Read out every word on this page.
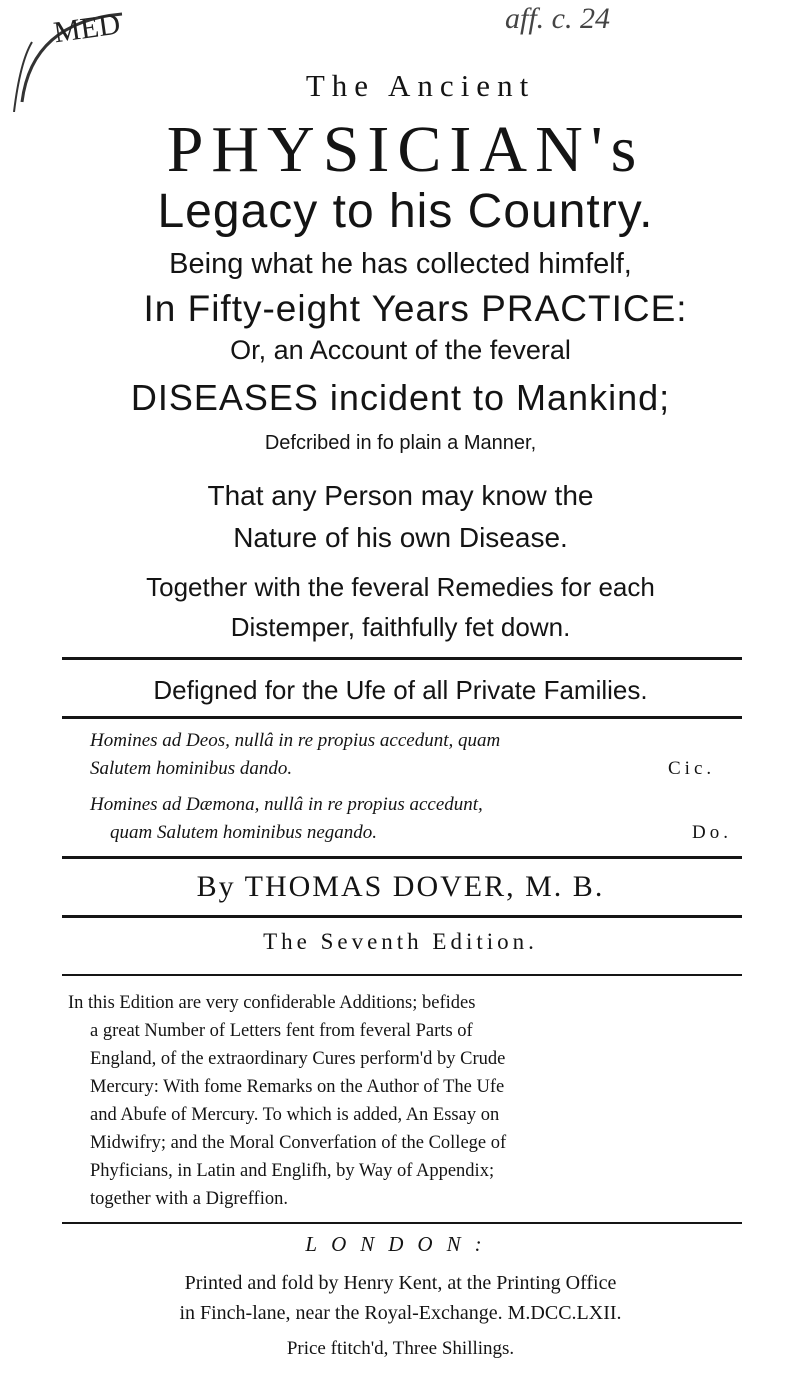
MED	aff. c. 24
The Ancient
PHYSICIAN's
Legacy to his Country.
Being what he has collected himfelf,
In Fifty-eight Years PRACTICE:
Or, an Account of the feveral
DISEASES incident to Mankind;
Defcribed in fo plain a Manner,
That any Person may know the
Nature of his own Disease.
Together with the feveral Remedies for each
Distemper, faithfully fet down.
Defigned for the Ufe of all Private Families.
Homines ad Deos, nullâ in re propius accedunt, quam
Salutem hominibus dando.	Cic.
Homines ad Dæmona, nullâ in re propius accedunt,
quam Salutem hominibus negando.	Do.
By THOMAS DOVER, M. B.
The Seventh Edition.
In this Edition are very confiderable Additions; befides
a great Number of Letters fent from feveral Parts of
England, of the extraordinary Cures perform'd by Crude
Mercury: With fome Remarks on the Author of The Ufe
and Abufe of Mercury. To which is added, An Essay on
Midwifry; and the Moral Converfation of the College of
Phyficians, in Latin and Englifh, by Way of Appendix;
together with a Digreffion.
LONDON:
Printed and fold by Henry Kent, at the Printing Office
in Finch-lane, near the Royal-Exchange. M.DCC.LXII.
Price ftitch'd, Three Shillings.
